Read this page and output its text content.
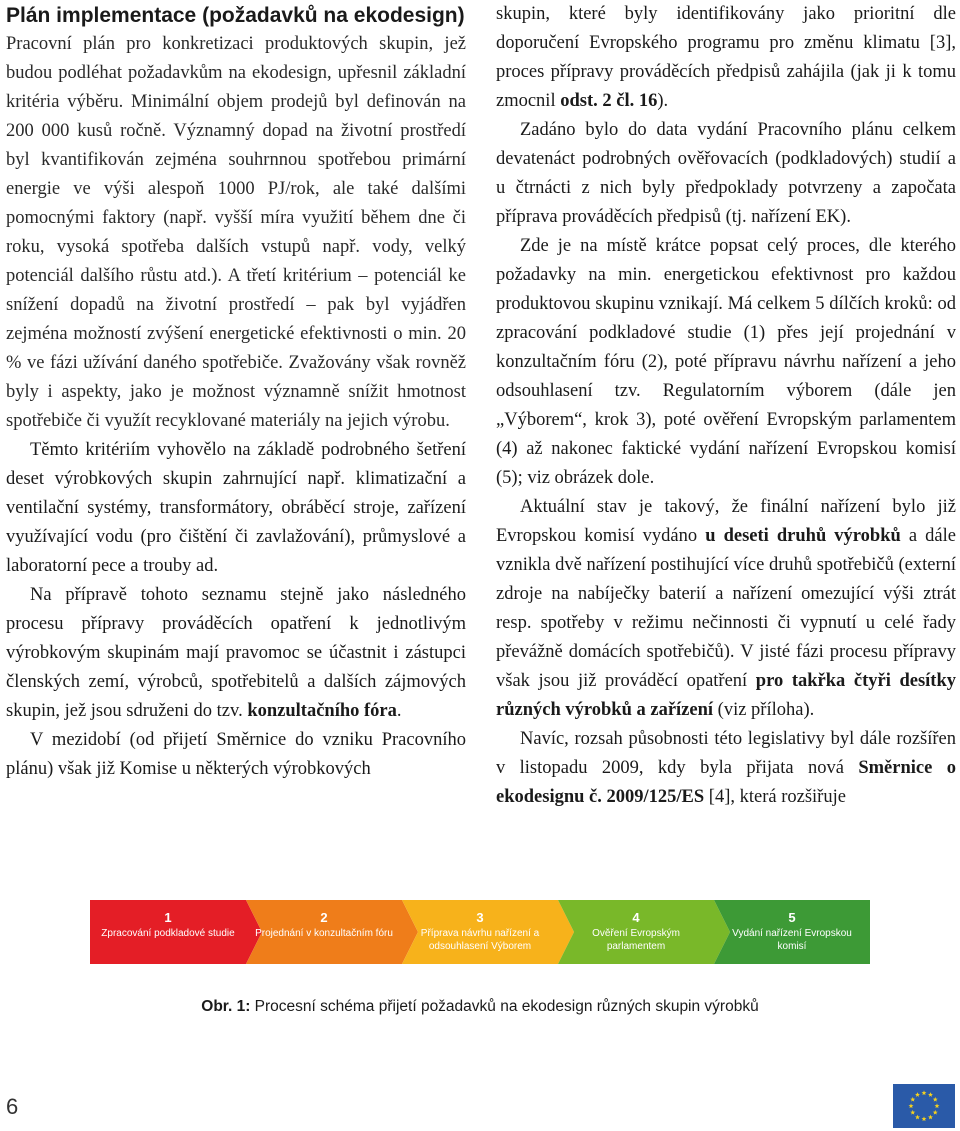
Plán implementace (požadavků na ekodesign)

Pracovní plán pro konkretizaci produktových skupin, jež budou podléhat požadavkům na ekodesign, upřesnil základní kritéria výběru. Minimální objem prodejů byl definován na 200 000 kusů ročně. Významný dopad na životní prostředí byl kvantifikován zejména souhrnnou spotřebou primární energie ve výši alespoň 1000 PJ/rok, ale také dalšími pomocnými faktory (např. vyšší míra využití během dne či roku, vysoká spotřeba dalších vstupů např. vody, velký potenciál dalšího růstu atd.). A třetí kritérium – potenciál ke snížení dopadů na životní prostředí – pak byl vyjádřen zejména možností zvýšení energetické efektivnosti o min. 20 % ve fázi užívání daného spotřebiče. Zvažovány však rovněž byly i aspekty, jako je možnost významně snížit hmotnost spotřebiče či využít recyklované materiály na jejich výrobu.

Těmto kritériím vyhovělo na základě podrobného šetření deset výrobkových skupin zahrnující např. klimatizační a ventilační systémy, transformátory, obráběcí stroje, zařízení využívající vodu (pro čištění či zavlažování), průmyslové a laboratorní pece a trouby ad.

Na přípravě tohoto seznamu stejně jako následného procesu přípravy prováděcích opatření k jednotlivým výrobkovým skupinám mají pravomoc se účastnit i zástupci členských zemí, výrobců, spotřebitelů a dalších zájmových skupin, jež jsou sdruženi do tzv. konzultačního fóra.

V mezidobí (od přijetí Směrnice do vzniku Pracovního plánu) však již Komise u některých výrobkových

skupin, které byly identifikovány jako prioritní dle doporučení Evropského programu pro změnu klimatu [3], proces přípravy prováděcích předpisů zahájila (jak ji k tomu zmocnil odst. 2 čl. 16).

Zadáno bylo do data vydání Pracovního plánu celkem devatenáct podrobných ověřovacích (podkladových) studií a u čtrnácti z nich byly předpoklady potvrzeny a započata příprava prováděcích předpisů (tj. nařízení EK).

Zde je na místě krátce popsat celý proces, dle kterého požadavky na min. energetickou efektivnost pro každou produktovou skupinu vznikají. Má celkem 5 dílčích kroků: od zpracování podkladové studie (1) přes její projednání v konzultačním fóru (2), poté přípravu návrhu nařízení a jeho odsouhlasení tzv. Regulatorním výborem (dále jen „Výborem“, krok 3), poté ověření Evropským parlamentem (4) až nakonec faktické vydání nařízení Evropskou komisí (5); viz obrázek dole.

Aktuální stav je takový, že finální nařízení bylo již Evropskou komisí vydáno u deseti druhů výrobků a dále vznikla dvě nařízení postihující více druhů spotřebičů (externí zdroje na nabíječky baterií a nařízení omezující výši ztrát resp. spotřeby v režimu nečinnosti či vypnutí u celé řady převážně domácích spotřebičů). V jisté fázi procesu přípravy však jsou již prováděcí opatření pro takřka čtyři desítky různých výrobků a zařízení (viz příloha).

Navíc, rozsah působnosti této legislativy byl dále rozšířen v listopadu 2009, kdy byla přijata nová Směrnice o ekodesignu č. 2009/125/ES [4], která rozšiřuje

1
Zpracování podkladové studie
2
Projednání v konzultačním fóru
3
Příprava návrhu nařízení a odsouhlasení Výborem
4
Ověření Evropským parlamentem
5
Vydání nařízení Evropskou komisí
Obr. 1: Procesní schéma přijetí požadavků na ekodesign různých skupin výrobků
6
